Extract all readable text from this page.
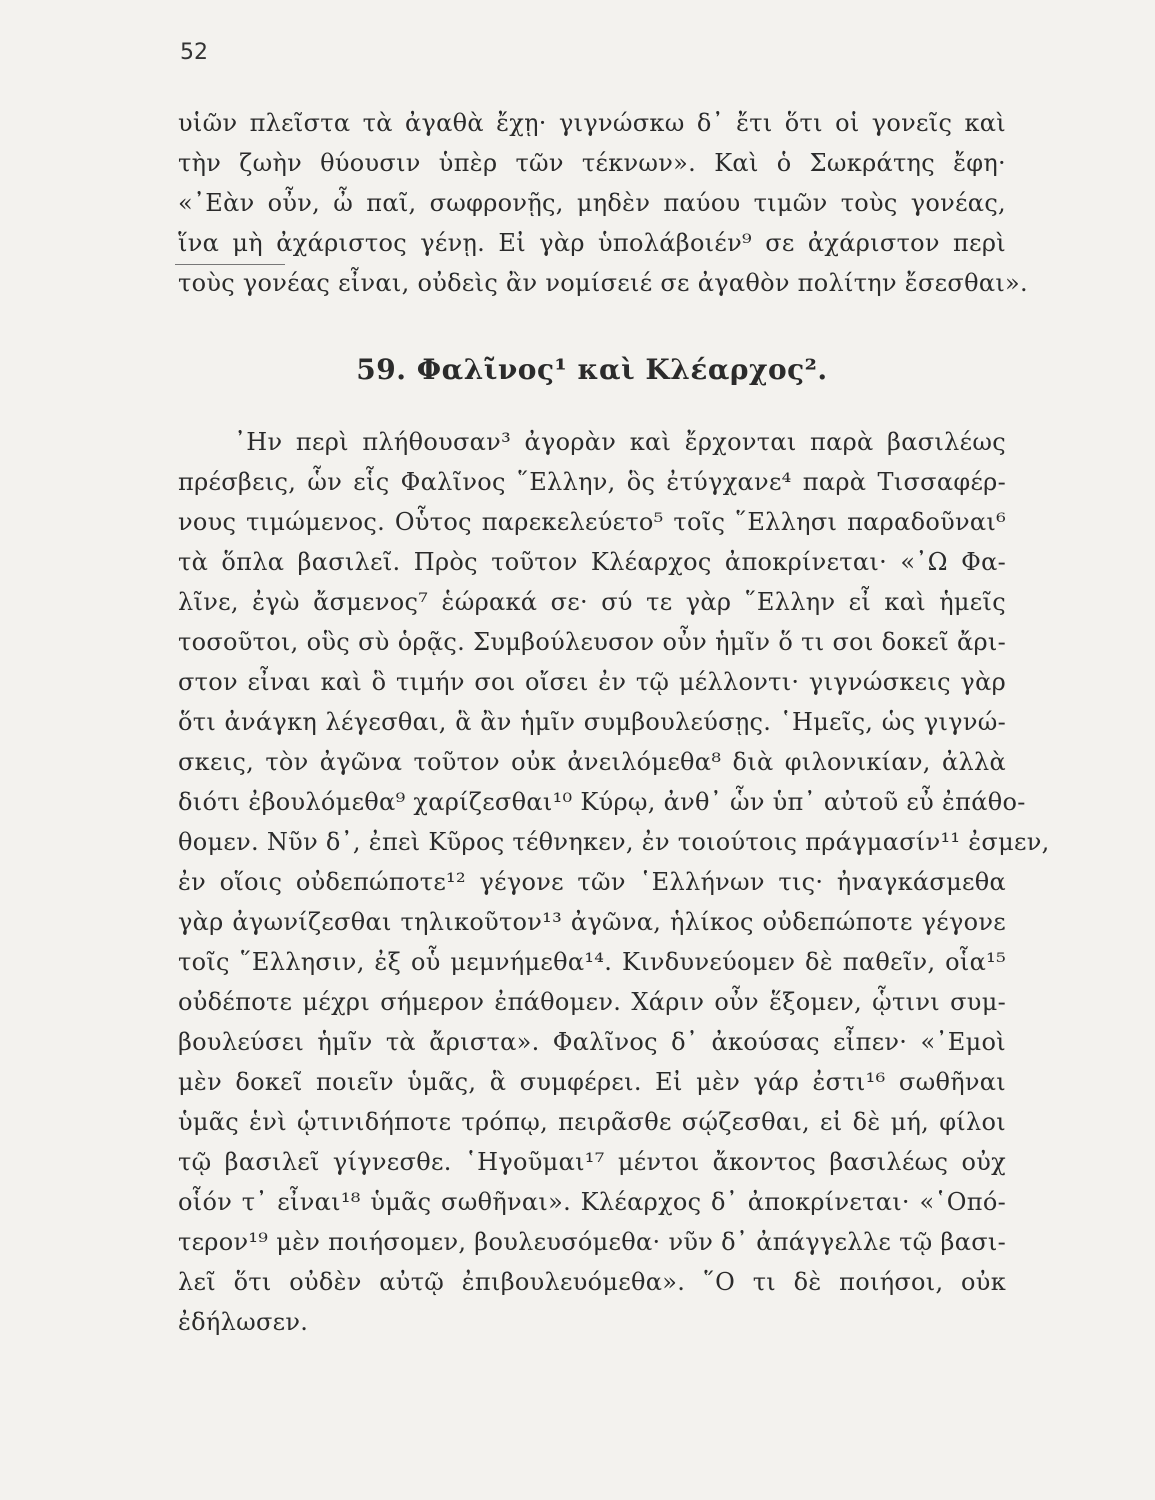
52
υἱῶν πλεῖστα τὰ ἀγαθὰ ἔχῃ· γιγνώσκω δ᾽ ἔτι ὅτι οἱ γονεῖς καὶ
τὴν ζωὴν θύουσιν ὑπὲρ τῶν τέκνων». Καὶ ὁ Σωκράτης ἔφη·
«᾽Εὰν οὖν, ὦ παῖ, σωφρονῇς, μηδὲν παύου τιμῶν τοὺς γονέας,
ἵνα μὴ ἀχάριστος γένῃ. Εἰ γὰρ ὑπολάβοιέν⁹ σε ἀχάριστον περὶ
τοὺς γονέας εἶναι, οὐδεὶς ἂν νομίσειέ σε ἀγαθὸν πολίτην ἔσεσθαι».
59. Φαλῖνος¹ καὶ Κλέαρχος².
᾽Ην περὶ πλήθουσαν³ ἀγορὰν καὶ ἔρχονται παρὰ βασιλέως
πρέσβεις, ὧν εἷς Φαλῖνος ῞Ελλην, ὃς ἐτύγχανε⁴ παρὰ Τισσαφέρ-
νους τιμώμενος. Οὗτος παρεκελεύετο⁵ τοῖς ῞Ελλησι παραδοῦναι⁶
τὰ ὅπλα βασιλεῖ. Πρὸς τοῦτον Κλέαρχος ἀποκρίνεται· «᾽Ω Φα-
λῖνε, ἐγὼ ἄσμενος⁷ ἑώρακά σε· σύ τε γὰρ ῞Ελλην εἶ καὶ ἡμεῖς
τοσοῦτοι, οὓς σὺ ὁρᾷς. Συμβούλευσον οὖν ἡμῖν ὅ τι σοι δοκεῖ ἄρι-
στον εἶναι καὶ ὃ τιμήν σοι οἴσει ἐν τῷ μέλλοντι· γιγνώσκεις γὰρ
ὅτι ἀνάγκη λέγεσθαι, ἃ ἂν ἡμῖν συμβουλεύσῃς. ῾Ημεῖς, ὡς γιγνώ-
σκεις, τὸν ἀγῶνα τοῦτον οὐκ ἀνειλόμεθα⁸ διὰ φιλονικίαν, ἀλλὰ
διότι ἐβουλόμεθα⁹ χαρίζεσθαι¹⁰ Κύρῳ, ἀνθ᾽ ὧν ὑπ᾽ αὐτοῦ εὖ ἐπάθο-
θομεν. Νῦν δ᾽, ἐπεὶ Κῦρος τέθνηκεν, ἐν τοιούτοις πράγμασίν¹¹ ἐσμεν,
ἐν οἵοις οὐδεπώποτε¹² γέγονε τῶν ῾Ελλήνων τις· ἠναγκάσμεθα
γὰρ ἀγωνίζεσθαι τηλικοῦτον¹³ ἀγῶνα, ἡλίκος οὐδεπώποτε γέγονε
τοῖς ῞Ελλησιν, ἐξ οὗ μεμνήμεθα¹⁴. Κινδυνεύομεν δὲ παθεῖν, οἷα¹⁵
οὐδέποτε μέχρι σήμερον ἐπάθομεν. Χάριν οὖν ἕξομεν, ᾧτινι συμ-
βουλεύσει ἡμῖν τὰ ἄριστα». Φαλῖνος δ᾽ ἀκούσας εἶπεν· «᾽Εμοὶ
μὲν δοκεῖ ποιεῖν ὑμᾶς, ἃ συμφέρει. Εἰ μὲν γάρ ἐστι¹⁶ σωθῆναι
ὑμᾶς ἑνὶ ᾡτινιδήποτε τρόπῳ, πειρᾶσθε σῴζεσθαι, εἰ δὲ μή, φίλοι
τῷ βασιλεῖ γίγνεσθε. ῾Ηγοῦμαι¹⁷ μέντοι ἄκοντος βασιλέως οὐχ
οἷόν τ᾽ εἶναι¹⁸ ὑμᾶς σωθῆναι». Κλέαρχος δ᾽ ἀποκρίνεται· «῾Οπό-
τερον¹⁹ μὲν ποιήσομεν, βουλευσόμεθα· νῦν δ᾽ ἀπάγγελλε τῷ βασι-
λεῖ ὅτι οὐδὲν αὐτῷ ἐπιβουλευόμεθα». ῞Ο τι δὲ ποιήσοι, οὐκ
ἐδήλωσεν.
